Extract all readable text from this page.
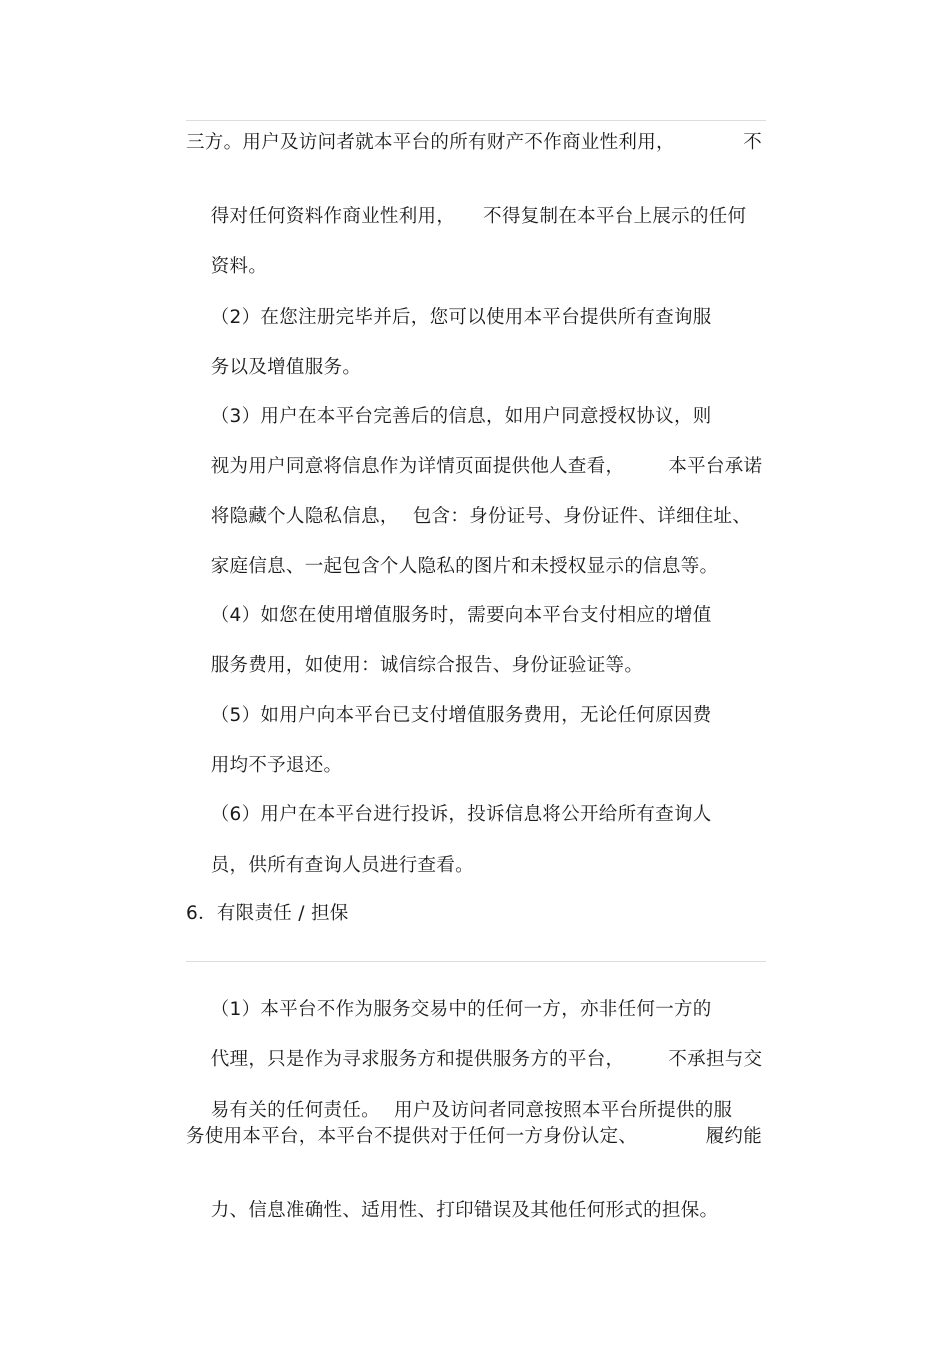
三方。用户及访问者就本平台的所有财产不作商业性利用，	不

得对任何资料作商业性利用， 不得复制在本平台上展示的任何

资料。

（2）在您注册完毕并后，您可以使用本平台提供所有查询服

务以及增值服务。

（3）用户在本平台完善后的信息，如用户同意授权协议，则

视为用户同意将信息作为详情页面提供他人查看， 本平台承诺

将隐藏个人隐私信息， 包含：身份证号、身份证件、详细住址、

家庭信息、一起包含个人隐私的图片和未授权显示的信息等。

（4）如您在使用增值服务时，需要向本平台支付相应的增值

服务费用，如使用：诚信综合报告、身份证验证等。

（5）如用户向本平台已支付增值服务费用，无论任何原因费

用均不予退还。

（6）用户在本平台进行投诉，投诉信息将公开给所有查询人

员，供所有查询人员进行查看。

6．有限责任 / 担保

（1）本平台不作为服务交易中的任何一方，亦非任何一方的

代理，只是作为寻求服务方和提供服务方的平台， 不承担与交

易有关的任何责任。 用户及访问者同意按照本平台所提供的服

务使用本平台，本平台不提供对于任何一方身份认定、	履约能

力、信息准确性、适用性、打印错误及其他任何形式的担保。
